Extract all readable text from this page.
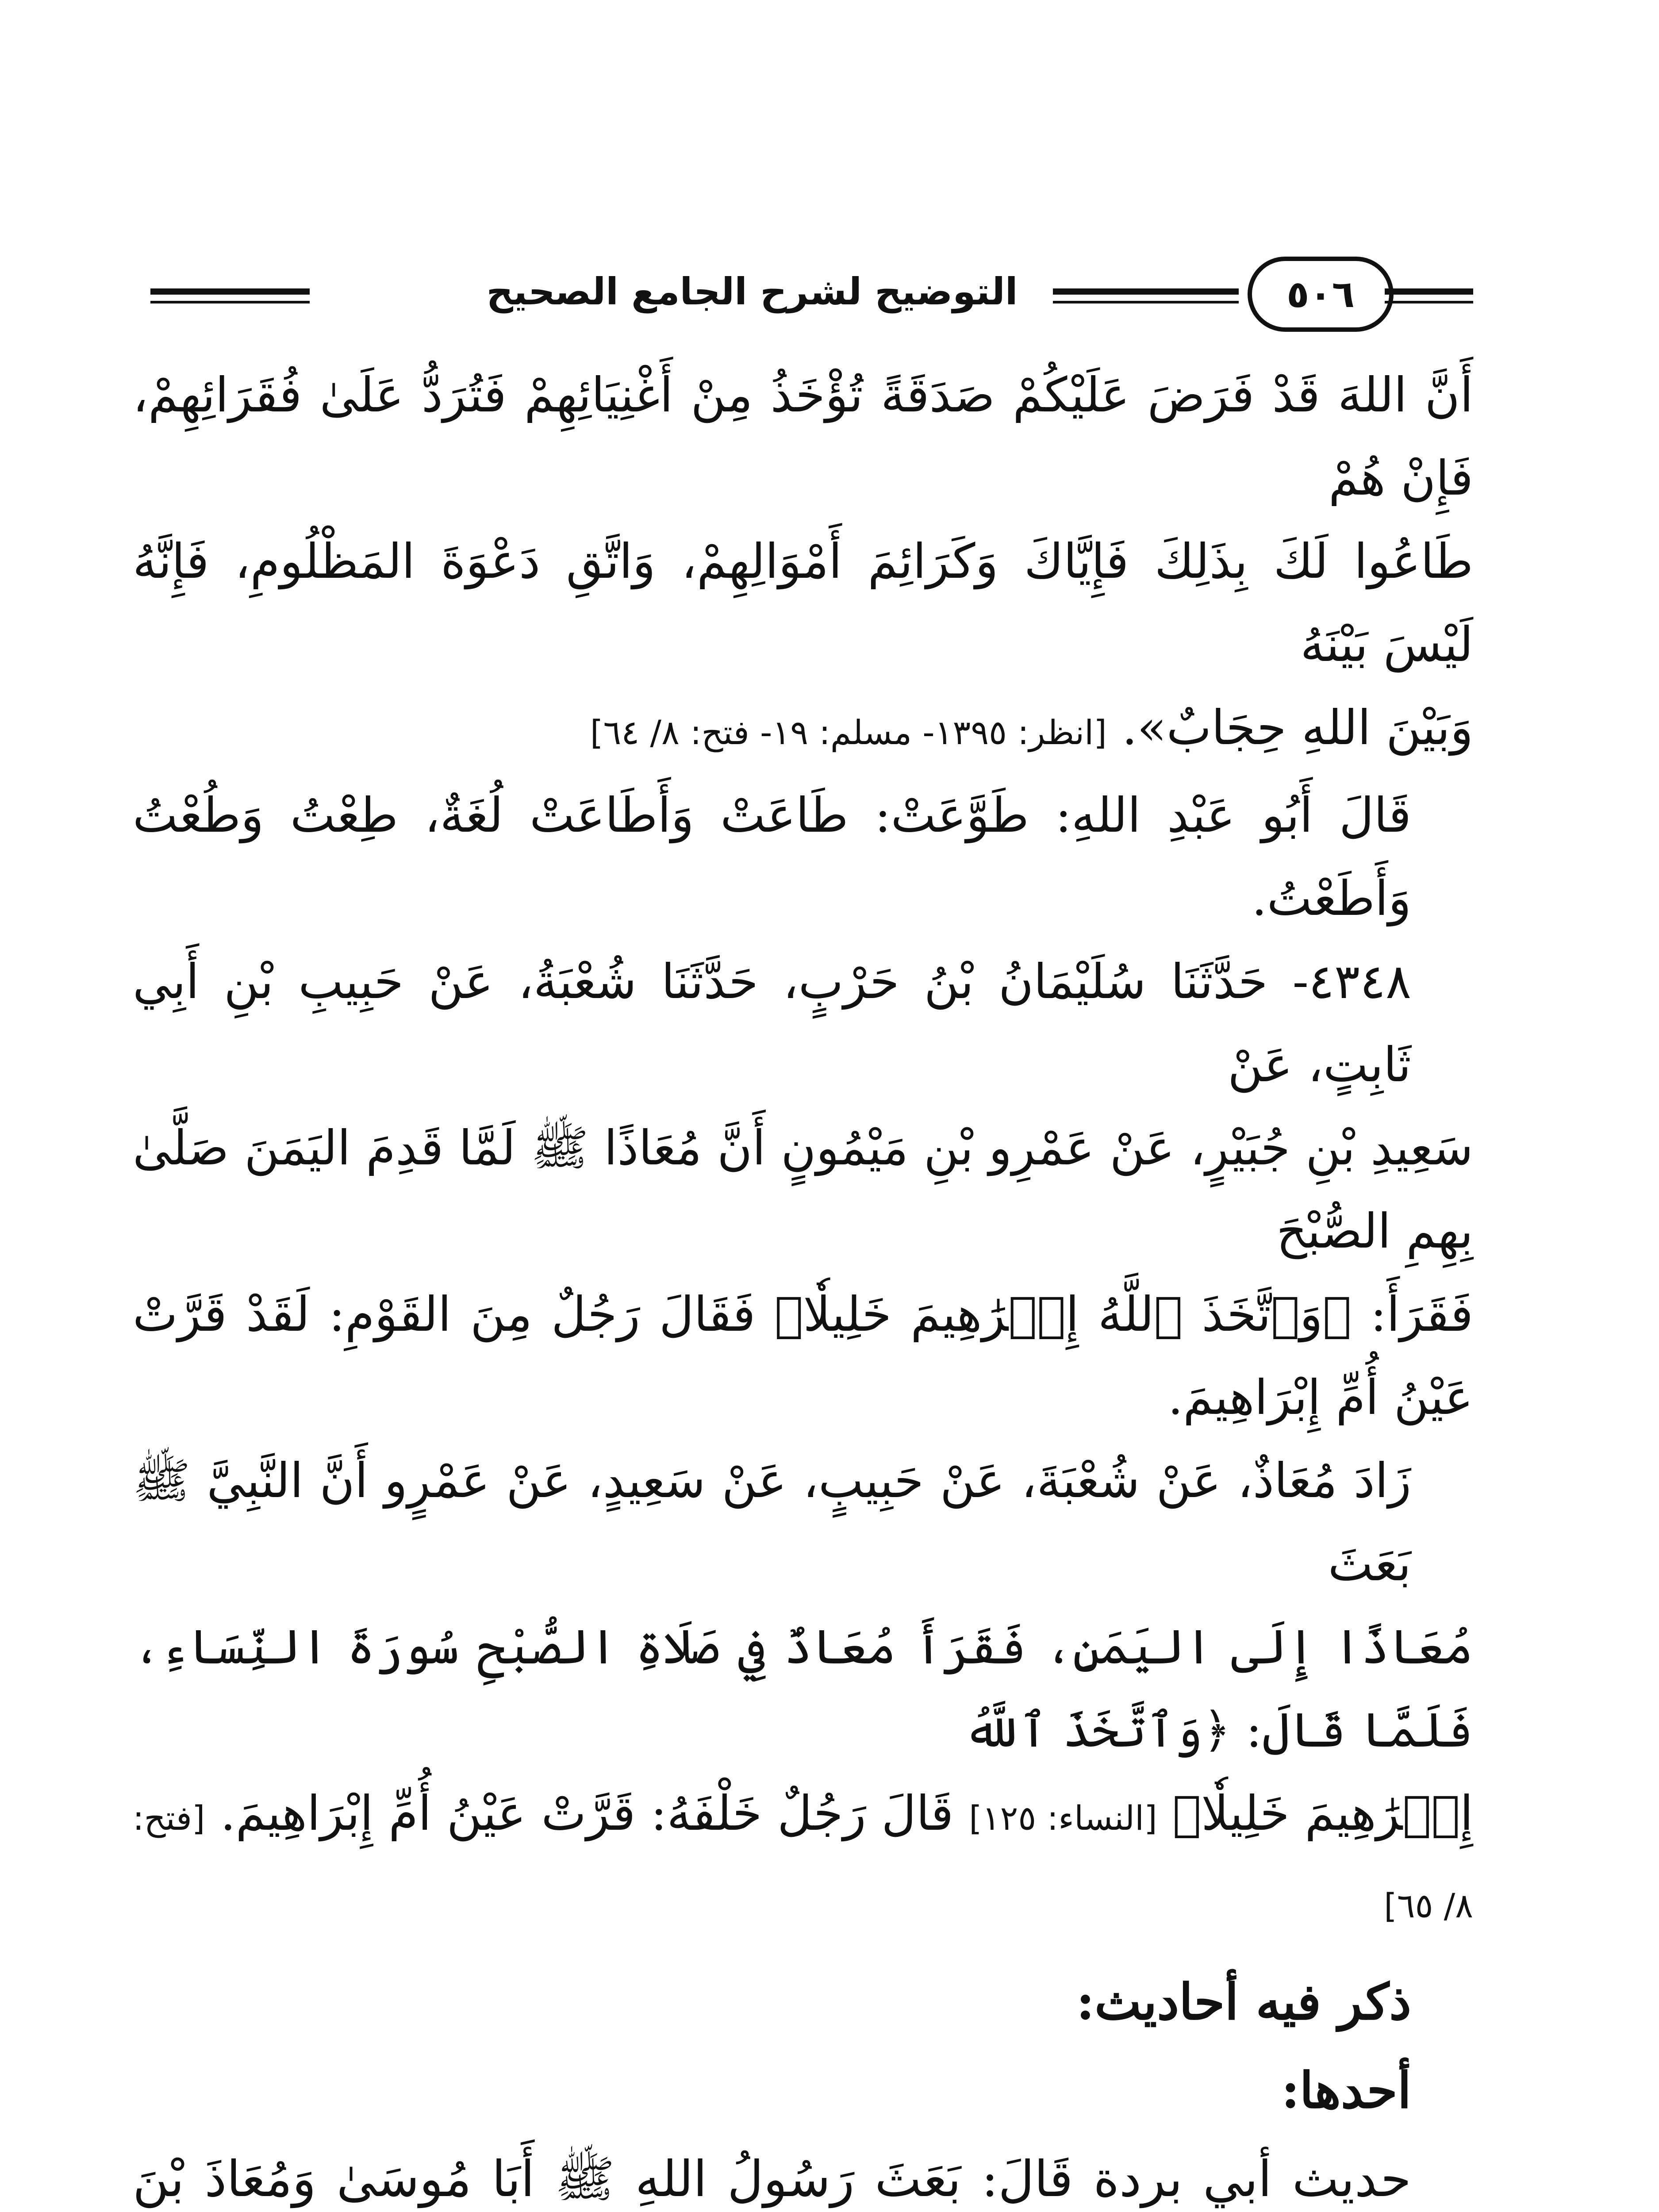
٥٠٦
التوضيح لشرح الجامع الصحيح

أَنَّ اللهَ قَدْ فَرَضَ عَلَيْكُمْ صَدَقَةً تُؤْخَذُ مِنْ أَغْنِيَائِهِمْ فَتُرَدُّ عَلَىٰ فُقَرَائِهِمْ، فَإِنْ هُمْ

طَاعُوا لَكَ بِذَلِكَ فَإِيَّاكَ وَكَرَائِمَ أَمْوَالِهِمْ، وَاتَّقِ دَعْوَةَ المَظْلُومِ، فَإِنَّهُ لَيْسَ بَيْنَهُ

وَبَيْنَ اللهِ حِجَابٌ». [انظر: ١٣٩٥- مسلم: ١٩- فتح: ٨/ ٦٤]

قَالَ أَبُو عَبْدِ اللهِ: طَوَّعَتْ: طَاعَتْ وَأَطَاعَتْ لُغَةٌ، طِعْتُ وَطُعْتُ وَأَطَعْتُ.

٤٣٤٨- حَدَّثَنَا سُلَيْمَانُ بْنُ حَرْبٍ، حَدَّثَنَا شُعْبَةُ، عَنْ حَبِيبِ بْنِ أَبِي ثَابِتٍ، عَنْ

سَعِيدِ بْنِ جُبَيْرٍ، عَنْ عَمْرِو بْنِ مَيْمُونٍ أَنَّ مُعَاذًا ﷺ لَمَّا قَدِمَ اليَمَنَ صَلَّىٰ بِهِمِ الصُّبْحَ

فَقَرَأَ: ﴿وَٱتَّخَذَ ٱللَّهُ إِبۡرَٰهِيمَ خَلِيلٗا﴾ فَقَالَ رَجُلٌ مِنَ القَوْمِ: لَقَدْ قَرَّتْ عَيْنُ أُمِّ إِبْرَاهِيمَ.

زَادَ مُعَاذٌ، عَنْ شُعْبَةَ، عَنْ حَبِيبٍ، عَنْ سَعِيدٍ، عَنْ عَمْرٍو أَنَّ النَّبِيَّ ﷺ بَعَثَ

مُعَاذًا إِلَى اليَمَنِ، فَقَرَأَ مُعَاذٌ فِي صَلَاةِ الصُّبْحِ سُورَةَ النِّسَاءِ، فَلَمَّا قَالَ: ﴿وَٱتَّخَذَ ٱللَّهُ

إِبۡرَٰهِيمَ خَلِيلٗا﴾ [النساء: ١٢٥] قَالَ رَجُلٌ خَلْفَهُ: قَرَّتْ عَيْنُ أُمِّ إِبْرَاهِيمَ. [فتح: ٨/ ٦٥]

ذكر فيه أحاديث:

أحدها:

حديث أبي بردة قَالَ: بَعَثَ رَسُولُ اللهِ ﷺ أَبَا مُوسَىٰ وَمُعَاذَ بْنَ
